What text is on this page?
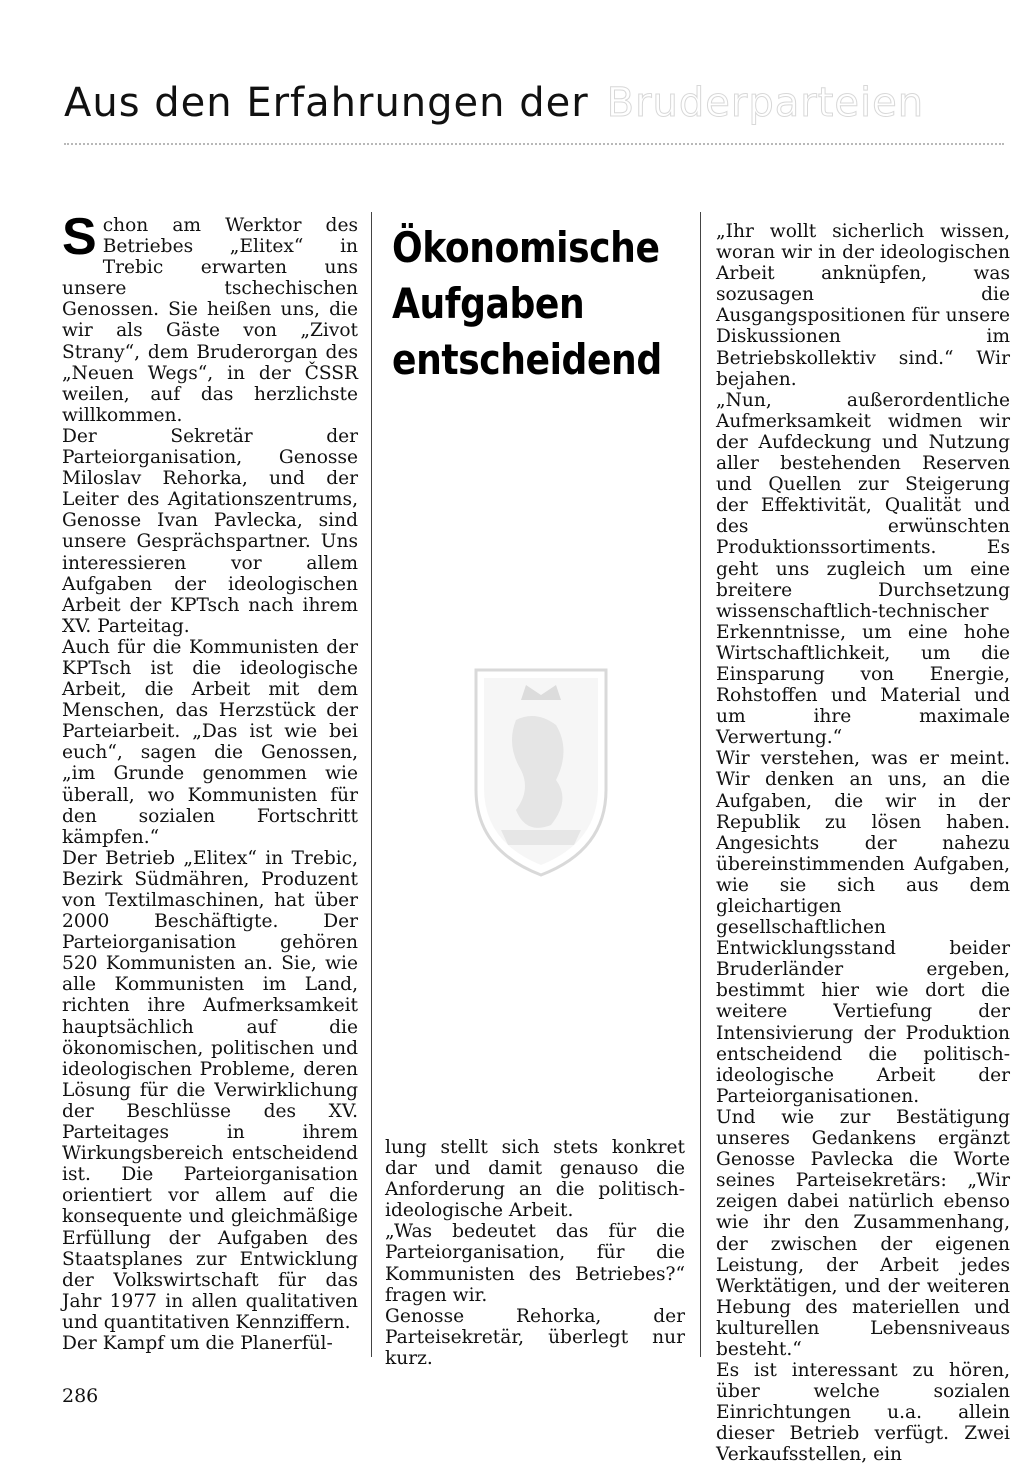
Aus den Erfahrungen der Bruderparteien

Schon am Werktor des Betriebes „Elitex“ in Trebic erwarten uns unsere tschechischen Genossen. Sie heißen uns, die wir als Gäste von „Zivot Strany“, dem Bruderorgan des „Neuen Wegs“, in der ČSSR weilen, auf das herzlichste willkommen.

Der Sekretär der Parteiorganisation, Genosse Miloslav Rehorka, und der Leiter des Agitationszentrums, Genosse Ivan Pavlecka, sind unsere Gesprächspartner. Uns interessieren vor allem Aufgaben der ideologischen Arbeit der KPTsch nach ihrem XV. Parteitag.

Auch für die Kommunisten der KPTsch ist die ideologische Arbeit, die Arbeit mit dem Menschen, das Herzstück der Parteiarbeit. „Das ist wie bei euch“, sagen die Genossen, „im Grunde genommen wie überall, wo Kommunisten für den sozialen Fortschritt kämpfen.“

Der Betrieb „Elitex“ in Trebic, Bezirk Südmähren, Produzent von Textilmaschinen, hat über 2000 Beschäftigte. Der Parteiorganisation gehören 520 Kommunisten an. Sie, wie alle Kommunisten im Land, richten ihre Aufmerksamkeit hauptsächlich auf die ökonomischen, politischen und ideologischen Probleme, deren Lösung für die Verwirklichung der Beschlüsse des XV. Parteitages in ihrem Wirkungsbereich entscheidend ist. Die Parteiorganisation orientiert vor allem auf die konsequente und gleichmäßige Erfüllung der Aufgaben des Staatsplanes zur Entwicklung der Volkswirtschaft für das Jahr 1977 in allen qualitativen und quantitativen Kennziffern.

Der Kampf um die Planerfül-

Ökonomische
Aufgaben
entscheidend

lung stellt sich stets konkret dar und damit genauso die Anforderung an die politisch-ideologische Arbeit.

„Was bedeutet das für die Parteiorganisation, für die Kommunisten des Betriebes?“ fragen wir.

Genosse Rehorka, der Parteisekretär, überlegt nur kurz.

„Ihr wollt sicherlich wissen, woran wir in der ideologischen Arbeit anknüpfen, was sozusagen die Ausgangspositionen für unsere Diskussionen im Betriebskollektiv sind.“ Wir bejahen.

„Nun, außerordentliche Aufmerksamkeit widmen wir der Aufdeckung und Nutzung aller bestehenden Reserven und Quellen zur Steigerung der Effektivität, Qualität und des erwünschten Produktionssortiments. Es geht uns zugleich um eine breitere Durchsetzung wissenschaftlich-technischer Erkenntnisse, um eine hohe Wirtschaftlichkeit, um die Einsparung von Energie, Rohstoffen und Material und um ihre maximale Verwertung.“

Wir verstehen, was er meint. Wir denken an uns, an die Aufgaben, die wir in der Republik zu lösen haben. Angesichts der nahezu übereinstimmenden Aufgaben, wie sie sich aus dem gleichartigen gesellschaftlichen Entwicklungsstand beider Bruderländer ergeben, bestimmt hier wie dort die weitere Vertiefung der Intensivierung der Produktion entscheidend die politisch-ideologische Arbeit der Parteiorganisationen.

Und wie zur Bestätigung unseres Gedankens ergänzt Genosse Pavlecka die Worte seines Parteisekretärs: „Wir zeigen dabei natürlich ebenso wie ihr den Zusammenhang, der zwischen der eigenen Leistung, der Arbeit jedes Werktätigen, und der weiteren Hebung des materiellen und kulturellen Lebensniveaus besteht.“

Es ist interessant zu hören, über welche sozialen Einrichtungen u.a. allein dieser Betrieb verfügt. Zwei Verkaufsstellen, ein

286
